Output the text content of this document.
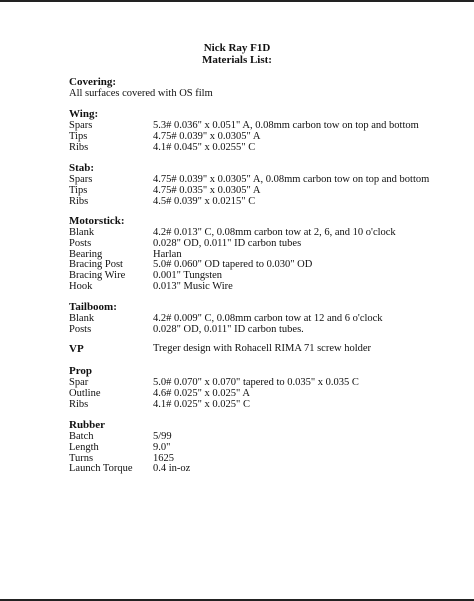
Nick Ray F1D
Materials List:
Covering:
All surfaces covered with OS film
Wing:
Spars	5.3# 0.036" x 0.051" A, 0.08mm carbon tow on top and bottom
Tips	4.75# 0.039" x 0.0305" A
Ribs	4.1# 0.045" x 0.0255" C
Stab:
Spars	4.75# 0.039" x 0.0305" A, 0.08mm carbon tow on top and bottom
Tips	4.75# 0.035" x 0.0305" A
Ribs	4.5# 0.039" x 0.0215" C
Motorstick:
Blank	4.2# 0.013" C, 0.08mm carbon tow at 2, 6, and 10 o'clock
Posts	0.028" OD, 0.011" ID carbon tubes
Bearing	Harlan
Bracing Post	5.0# 0.060" OD tapered to 0.030" OD
Bracing Wire	0.001" Tungsten
Hook	0.013" Music Wire
Tailboom:
Blank	4.2# 0.009" C, 0.08mm carbon tow at 12 and 6 o'clock
Posts	0.028" OD, 0.011" ID carbon tubes.
VP	Treger design with Rohacell RIMA 71 screw holder
Prop
Spar	5.0# 0.070" x 0.070" tapered to 0.035" x 0.035 C
Outline	4.6# 0.025" x 0.025" A
Ribs	4.1# 0.025" x 0.025" C
Rubber
Batch	5/99
Length	9.0"
Turns	1625
Launch Torque	0.4 in-oz
